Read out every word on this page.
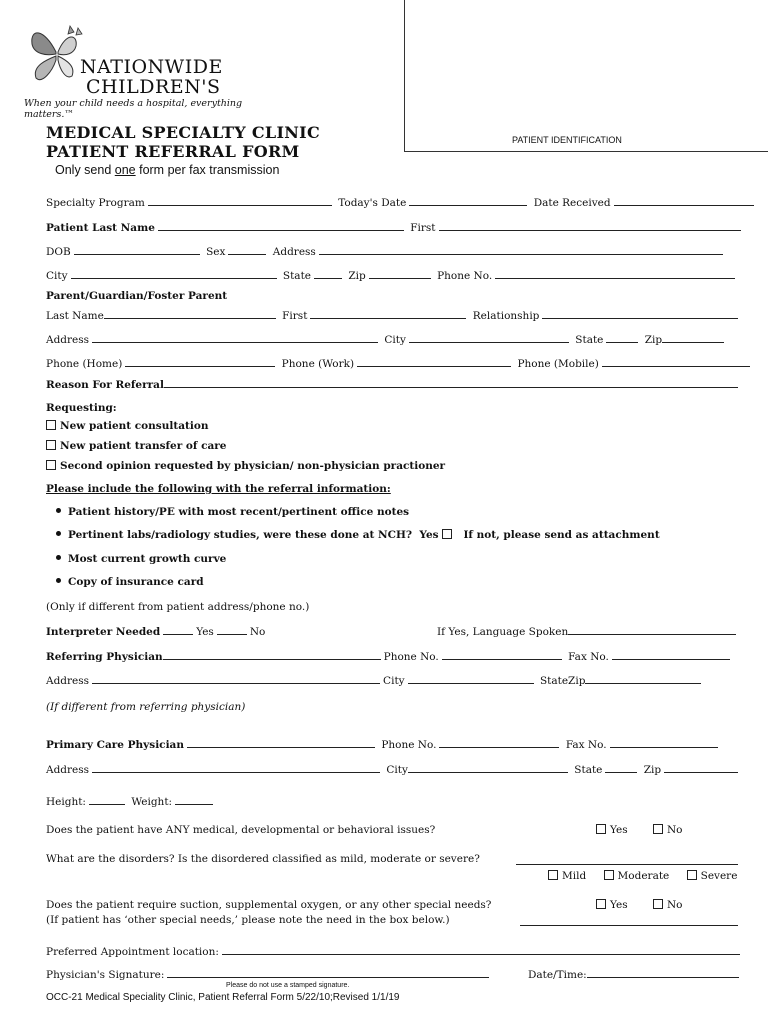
NATIONWIDE
CHILDREN'S
When your child needs a hospital, everything matters.™
PATIENT IDENTIFICATION
MEDICAL SPECIALTY CLINIC
PATIENT REFERRAL FORM
Only send one form per fax transmission
Specialty Program	Today's Date	Date Received
Patient Last Name	First
DOB	Sex	Address
City	State	Zip	Phone No.
Parent/Guardian/Foster Parent
Last Name	First	Relationship
Address	City	State	Zip
Phone (Home)	Phone (Work)	Phone (Mobile)
Reason For Referral
Requesting:
New patient consultation
New patient transfer of care
Second opinion requested by physician/ non-physician practioner
Please include the following with the referral information:
Patient history/PE with most recent/pertinent office notes
Pertinent labs/radiology studies, were these done at NCH? Yes If not, please send as attachment
Most current growth curve
Copy of insurance card
(Only if different from patient address/phone no.)
Interpreter Needed	Yes	No	If Yes, Language Spoken
Referring Physician	Phone No.	Fax No.
Address	City	StateZip
(If different from referring physician)
Primary Care Physician	Phone No.	Fax No.
Address	City	State	Zip
Height:	Weight:
Does the patient have ANY medical, developmental or behavioral issues?	Yes	No
What are the disorders? Is the disordered classified as mild, moderate or severe?
Mild	Moderate	Severe
Does the patient require suction, supplemental oxygen, or any other special needs?	Yes	No
(If patient has ‘other special needs,’ please note the need in the box below.)
Preferred Appointment location:
Physician's Signature:	Date/Time:
Please do not use a stamped signature.
OCC-21 Medical Speciality Clinic, Patient Referral Form 5/22/10;Revised 1/1/19
